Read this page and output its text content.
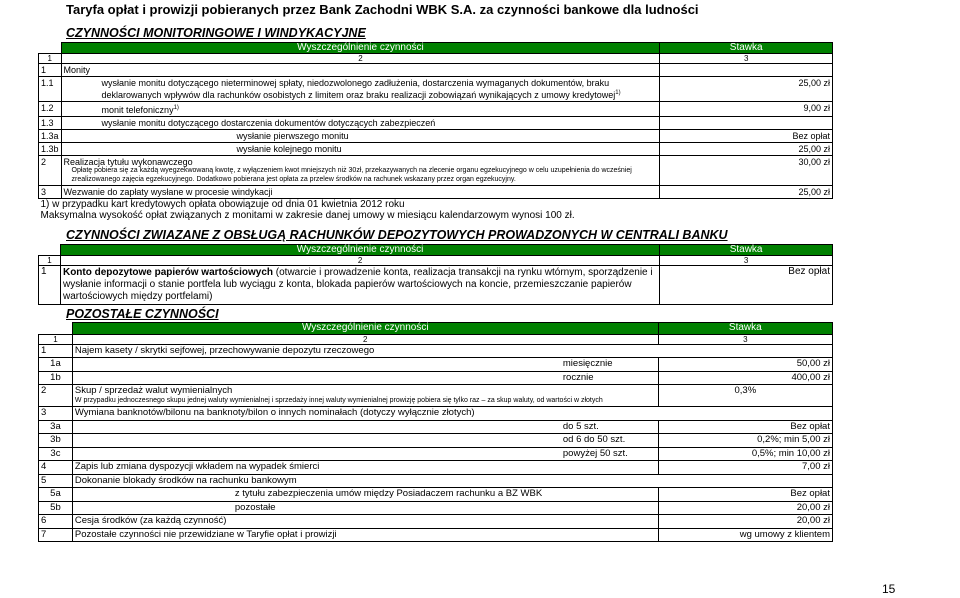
Taryfa opłat i prowizji pobieranych przez Bank Zachodni WBK S.A. za czynności bankowe dla ludności
CZYNNOŚCI MONITORINGOWE I WINDYKACYJNE
	Wyszczególnienie czynności	Stawka
1	2	3
1	Monity	
1.1	wysłanie monitu dotyczącego nieterminowej spłaty, niedozwolonego zadłużenia, dostarczenia wymaganych dokumentów, braku deklarowanych wpływów dla rachunków osobistych z limitem oraz braku realizacji zobowiązań wynikających z umowy kredytowej$^{1)}$	25,00 zł
1.2	monit telefoniczny$^{1)}$	9,00 zł
1.3	wysłanie monitu dotyczącego dostarczenia dokumentów dotyczących zabezpieczeń	
1.3a	wysłanie pierwszego monitu	Bez opłat
1.3b	wysłanie kolejnego monitu	25,00 zł
2	Realizacja tytułu wykonawczego
Opłatę pobiera się za każdą wyegzekwowaną kwotę, z wyłączeniem kwot mniejszych niż 30zł, przekazywanych na zlecenie organu egzekucyjnego w celu uzupełnienia do wcześniej zrealizowanego zajęcia egzekucyjnego. Dodatkowo pobierana jest opłata za przelew środków na rachunek wskazany przez organ egzekucyjny.	30,00 zł
3	Wezwanie do zapłaty wysłane w procesie windykacji	25,00 zł
1) w przypadku kart kredytowych opłata obowiązuje od dnia 01 kwietnia 2012 roku		
Maksymalna wysokość opłat związanych z monitami w zakresie danej umowy w miesiącu kalendarzowym wynosi 100 zł.		
CZYNNOŚCI ZWIAZANE Z OBSŁUGĄ RACHUNKÓW DEPOZYTOWYCH PROWADZONYCH W CENTRALI BANKU
	Wyszczególnienie czynności	Stawka
1	2	3
1	Konto depozytowe papierów wartościowych (otwarcie i prowadzenie konta, realizacja transakcji na rynku wtórnym, sporządzenie i wysłanie informacji o stanie portfela lub wyciągu z konta, blokada papierów wartościowych na koncie, przemieszczanie papierów wartościowych między portfelami)	Bez opłat
POZOSTAŁE CZYNNOŚCI
	Wyszczególnienie czynności	Stawka
1	2	3
1	Najem kasety / skrytki sejfowej, przechowywanie depozytu rzeczowego	
1a	miesięcznie	50,00 zł
1b	rocznie	400,00 zł
2	Skup / sprzedaż walut wymienialnych
W przypadku jednoczesnego skupu jednej waluty wymienialnej i sprzedaży innej waluty wymienialnej prowizję pobiera się tylko raz – za skup waluty, od wartości w złotych	0,3%
3	Wymiana banknotów/bilonu na banknoty/bilon o innych nominałach (dotyczy wyłącznie złotych)	
3a	do 5 szt.	Bez opłat
3b	od 6 do 50 szt.	0,2%; min 5,00 zł
3c	powyżej 50 szt.	0,5%; min 10,00 zł
4	Zapis lub zmiana dyspozycji wkładem na wypadek śmierci	7,00 zł
5	Dokonanie blokady środków na rachunku bankowym	
5a	z tytułu zabezpieczenia umów między Posiadaczem rachunku a BZ WBK	Bez opłat
5b	pozostałe	20,00 zł
6	Cesja środków (za każdą czynność)	20,00 zł
7	Pozostałe czynności nie przewidziane w Taryfie opłat i prowizji	wg umowy z klientem
15
